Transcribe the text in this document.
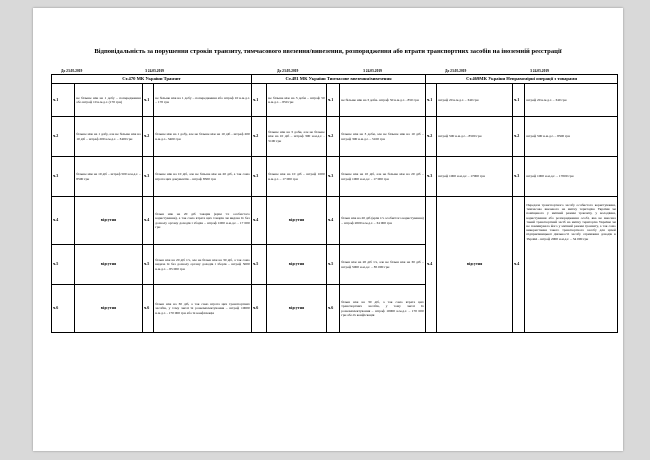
Відповідальність за порушення строків транзиту, тимчасового ввезення/вивезення, розпорядження або втрати транспортних засобів на іноземній реєстрації
До 23.05.2019	З 24.05.2019	До 23.05.2019	З 24.05.2019	До 23.05.2019	З 24.05.2019
Ст.470 МК України Транзит				Ст.481 МК України Тимчасове ввезення/вивезення				Ст.469МК України Неправомірні операції з товарами			
ч.1	не більше ніж на 1 добу – попередження або штраф 10 н.м.д.г. (170 грн)	ч.1	не більше ніж на 1 добу – попередження або штраф 10 н.м.д.г. – 170 грн	ч.1	не більше ніж на 3 доби – штраф 50 н.м.д.г. – 850 грн	ч.1	не більше ніж на 3 доби- штраф 50 н.м.д.г. - 850 грн	ч.1	штраф 20 н.м.д.г. – 340 грн	ч.1	штраф 20 н.м.д.г. – 340 грн
ч.2	більше ніж на 1 добу, але не більше ніж на 10 діб – штраф 200 н.м.д.г. – 3400 грн	ч.2	більше ніж на 1 добу, але не більше ніж на 10 діб - штраф 200 н.м.д.г.- 3400 грн	ч.2	більше ніж на 3 доби, але не більше ніж на 10 діб – штраф 300 н.м.д.г. - 5100 грн	ч.2	більше ніж на 3 доби, але не більше ніж на 10 діб – штраф 300 н.м.д.г. – 5100 грн	ч.2	штраф 500 н.м.д.г. - 8500 грн	ч.2	штраф 500 н.м.д.г. – 8500 грн
ч.3	більше ніж на 10 діб – штраф 500 н.м.д.г. – 8500 грн	ч.3	більше ніж на 10 діб, але не більше ніж на 20 діб, а так само втрата цих документів – штраф 8500 грн	ч.3	більше ніж на 10 діб – штраф 1000 н.м.д.г. – 17 000 грн	ч.3	більше ніж на 10 діб, але не більше ніж на 20 діб – штраф 1000 н.м.д.г. - 17 000 грн	ч.3	штраф 1000 н.м.д.г. - 17000 грн	ч.3	штраф 1000 н.м.д.г. – 17000 грн
ч.4	відсутня	ч.4	більш ніж на 20 діб товарів (крім т/з особистого користування), а так само втрата цих товарів чи видача їх без дозволу органу доходів і зборів – штраф 1000 н.м.д.г. - 17 000 грн	ч.4	відсутня	ч.4	більш ніж на 20 діб (крім т/з особистого користування) – штраф 2000 н.м.д.г. – 34 000 грн	ч.4	відсутня	ч.4	Передача транспортного засобу особистого користування, тимчасово ввезеного на митну територію України чи поміщеного у митний режим транзиту, у володіння, користування або розпорядження особі, яка не внесена такий транспортний засіб на митну територію України чи не помищувала його у митний режим транзиту, а так само використання такого транспортного засобу для цілей підприємницької діяльності засобу отримання доходів в Україні - штраф 2000 н.м.д.г. – 34 000 грн
ч.5	відсутня	ч.5	більш ніж на 20 діб т/з, але не більш ніж на 30 діб, а так само видача їх без дозволу органу доходів і зборів – штраф 5000 н.м.д.г. – 85 000 грн	ч.5	відсутня	ч.5	більш ніж на 20 діб т/з, але не більш ніж на 30 діб – штраф 5000 н.м.д.г. – 85 000 грн				
ч.6	відсутня	ч.6	більш ніж на 30 діб, а так само втрата цих транспортних засобів, у тому числі їх розкомплектування – штраф 10000 н.м.д.г. - 170 000 грн або їх конфіскація	ч.6	відсутня	ч.6	більш ніж на 30 діб, а так само втрата цих транспортних засобів, у тому числі їх розкомплектування – штраф 10000 н.м.д.г. – 170 000 грн або їх конфіскація				
